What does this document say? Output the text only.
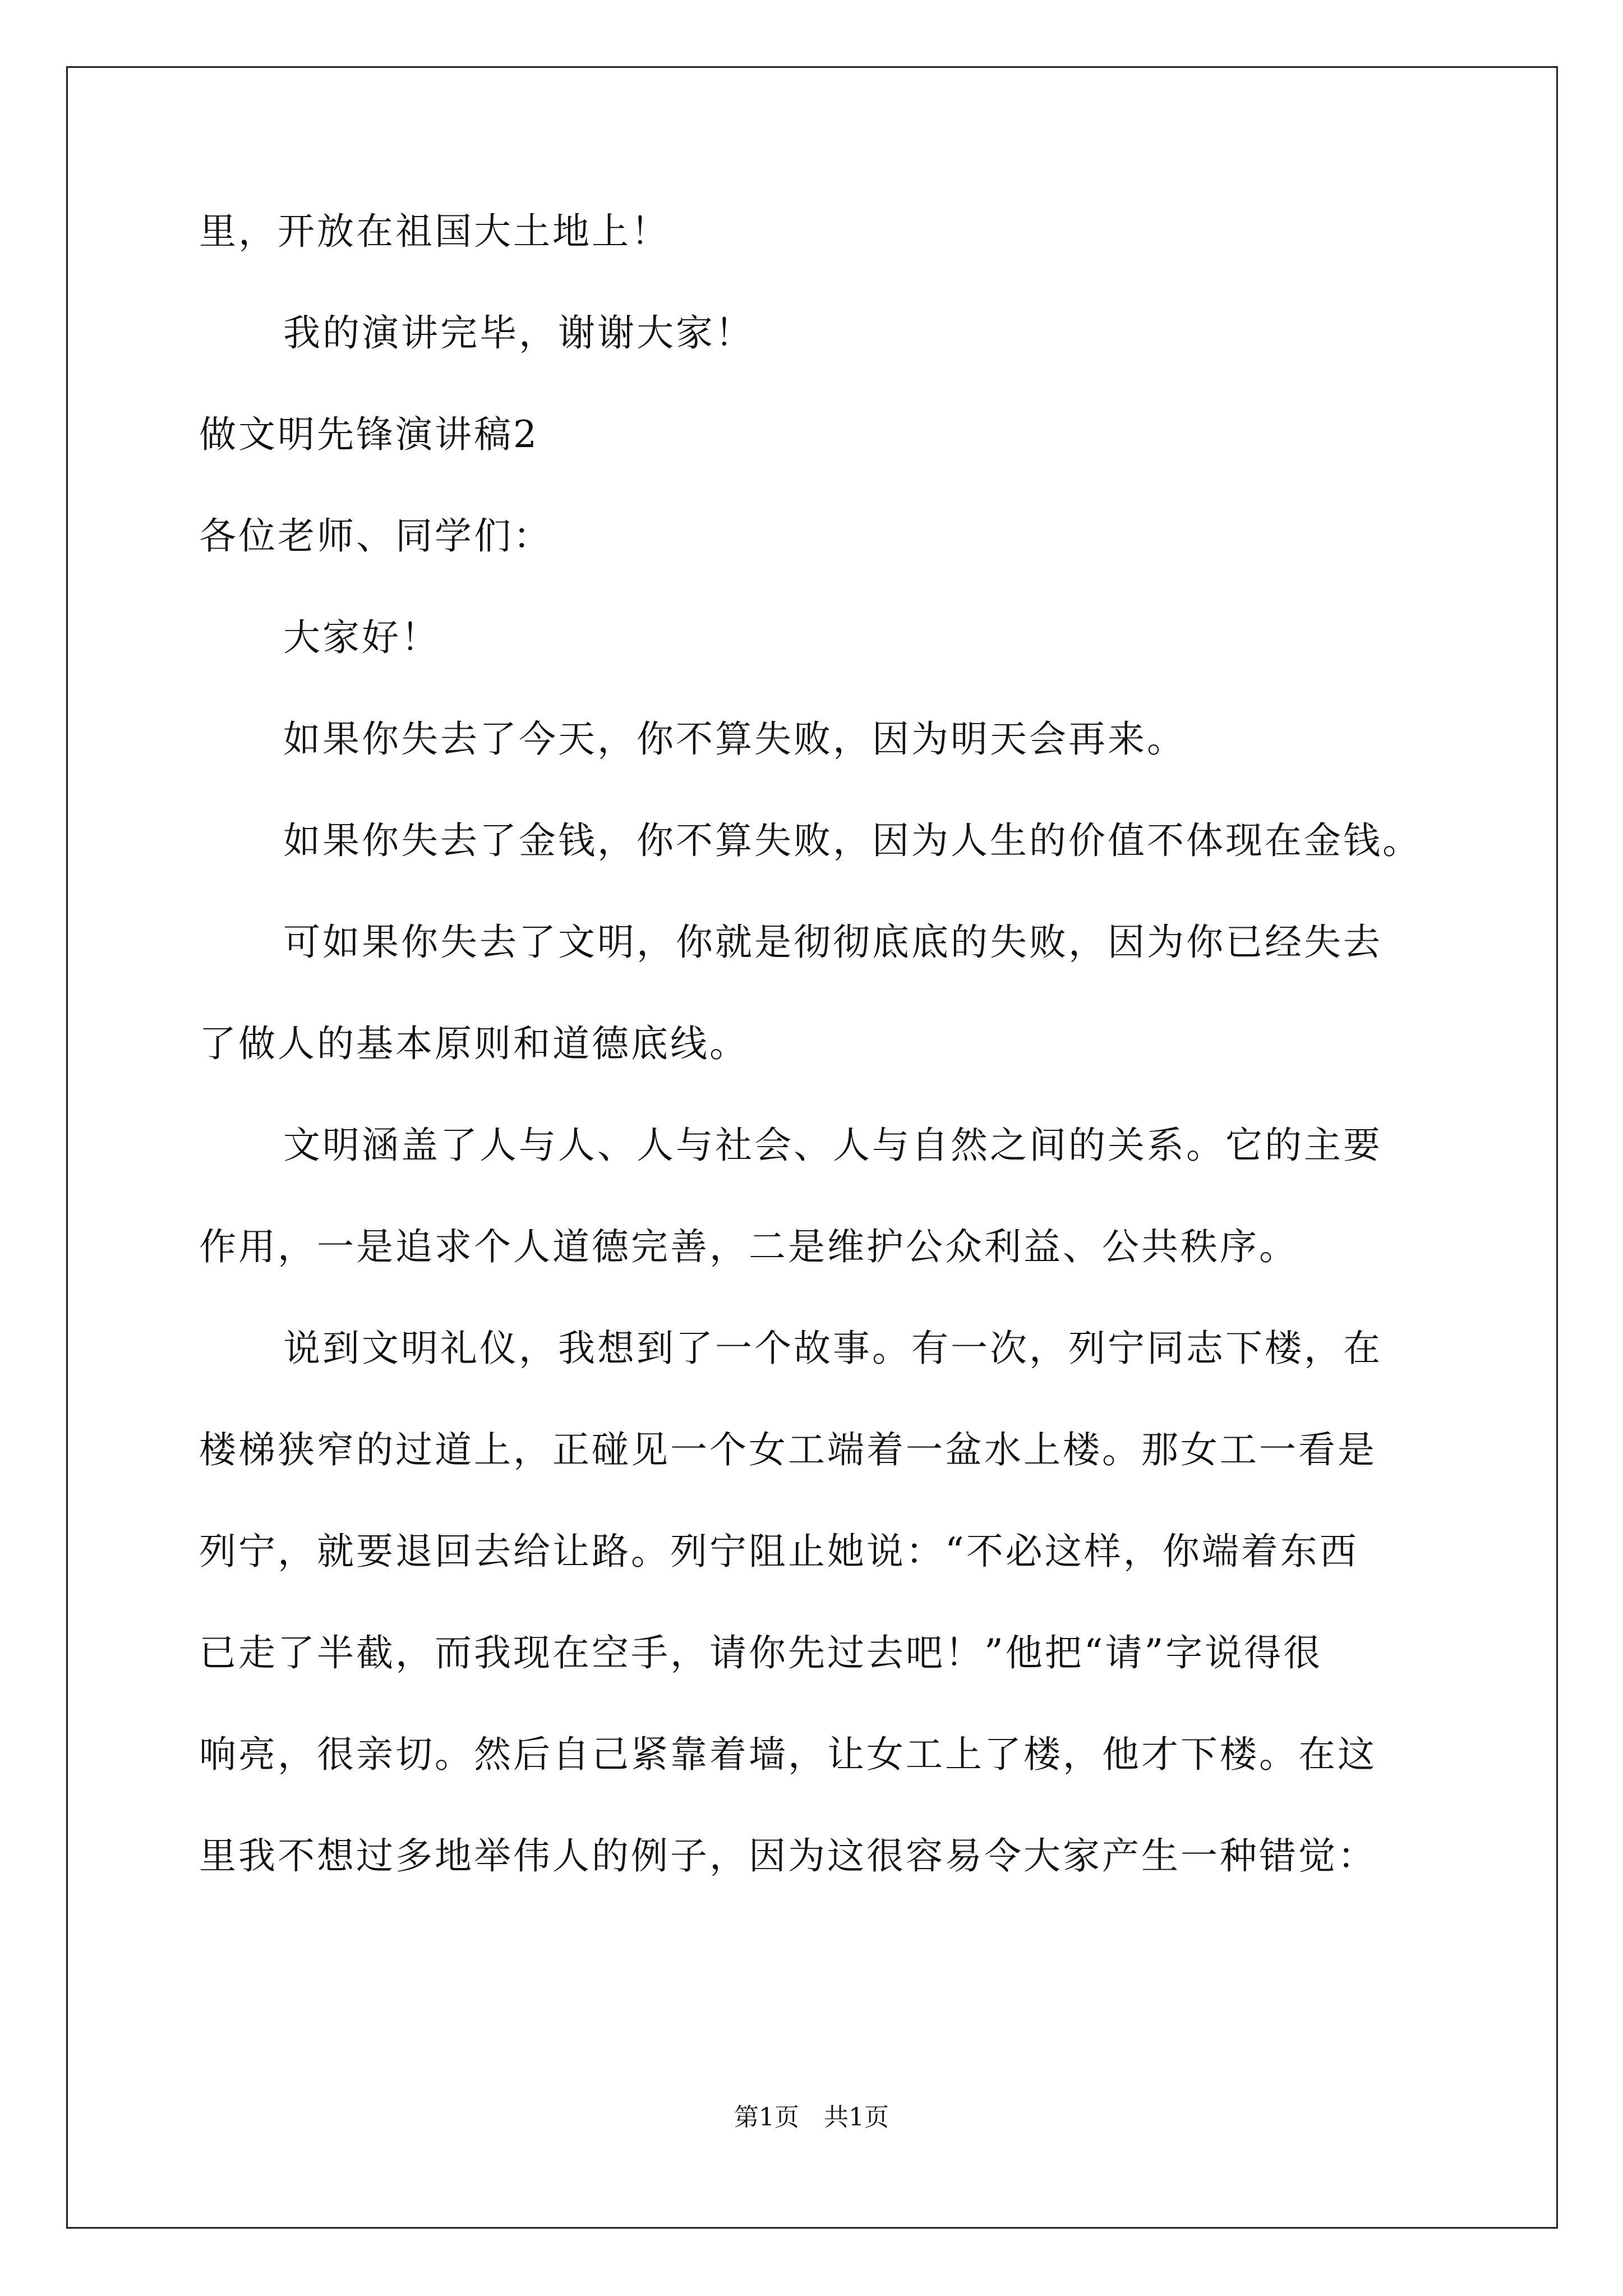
里，开放在祖国大土地上！

我的演讲完毕，谢谢大家！

做文明先锋演讲稿2

各位老师、同学们：

大家好！

如果你失去了今天，你不算失败，因为明天会再来。

如果你失去了金钱，你不算失败，因为人生的价值不体现在金钱。

可如果你失去了文明，你就是彻彻底底的失败，因为你已经失去

了做人的基本原则和道德底线。

文明涵盖了人与人、人与社会、人与自然之间的关系。它的主要

作用，一是追求个人道德完善，二是维护公众利益、公共秩序。

说到文明礼仪，我想到了一个故事。有一次，列宁同志下楼，在

楼梯狭窄的过道上，正碰见一个女工端着一盆水上楼。那女工一看是

列宁，就要退回去给让路。列宁阻止她说：“不必这样，你端着东西

已走了半截，而我现在空手，请你先过去吧！”他把“请”字说得很

响亮，很亲切。然后自己紧靠着墙，让女工上了楼，他才下楼。在这

里我不想过多地举伟人的例子，因为这很容易令大家产生一种错觉：

第1页　共1页
